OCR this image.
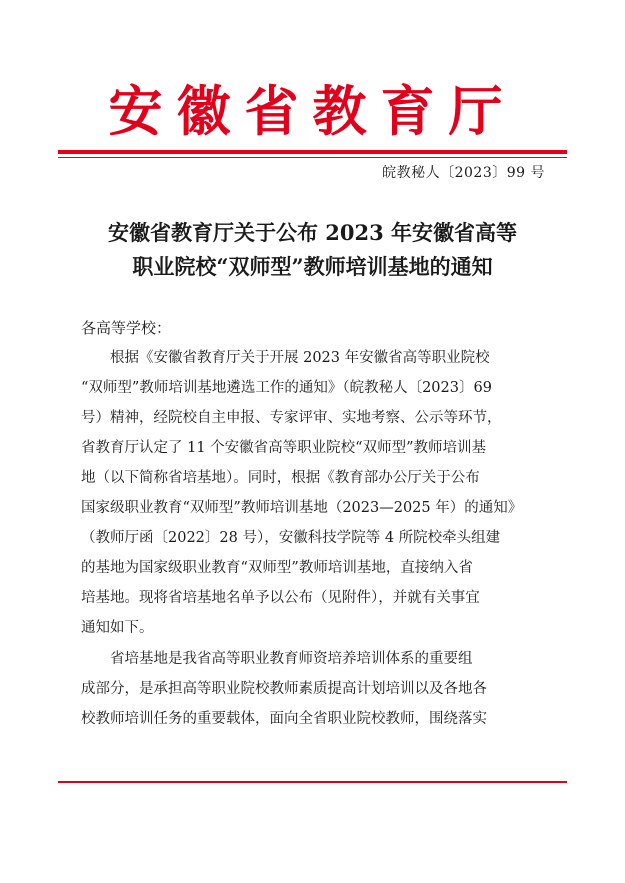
安徽省教育厅
皖教秘人〔2023〕99 号
安徽省教育厅关于公布 2023 年安徽省高等
职业院校“双师型”教师培训基地的通知

各高等学校：

根据《安徽省教育厅关于开展 2023 年安徽省高等职业院校
“双师型”教师培训基地遴选工作的通知》（皖教秘人〔2023〕69
号）精神，经院校自主申报、专家评审、实地考察、公示等环节，
省教育厅认定了 11 个安徽省高等职业院校“双师型”教师培训基
地（以下简称省培基地）。同时，根据《教育部办公厅关于公布
国家级职业教育“双师型”教师培训基地（2023—2025 年）的通知》
（教师厅函〔2022〕28 号），安徽科技学院等 4 所院校牵头组建
的基地为国家级职业教育“双师型”教师培训基地，直接纳入省
培基地。现将省培基地名单予以公布（见附件），并就有关事宜
通知如下。

省培基地是我省高等职业教育师资培养培训体系的重要组
成部分，是承担高等职业院校教师素质提高计划培训以及各地各
校教师培训任务的重要载体，面向全省职业院校教师，围绕落实
